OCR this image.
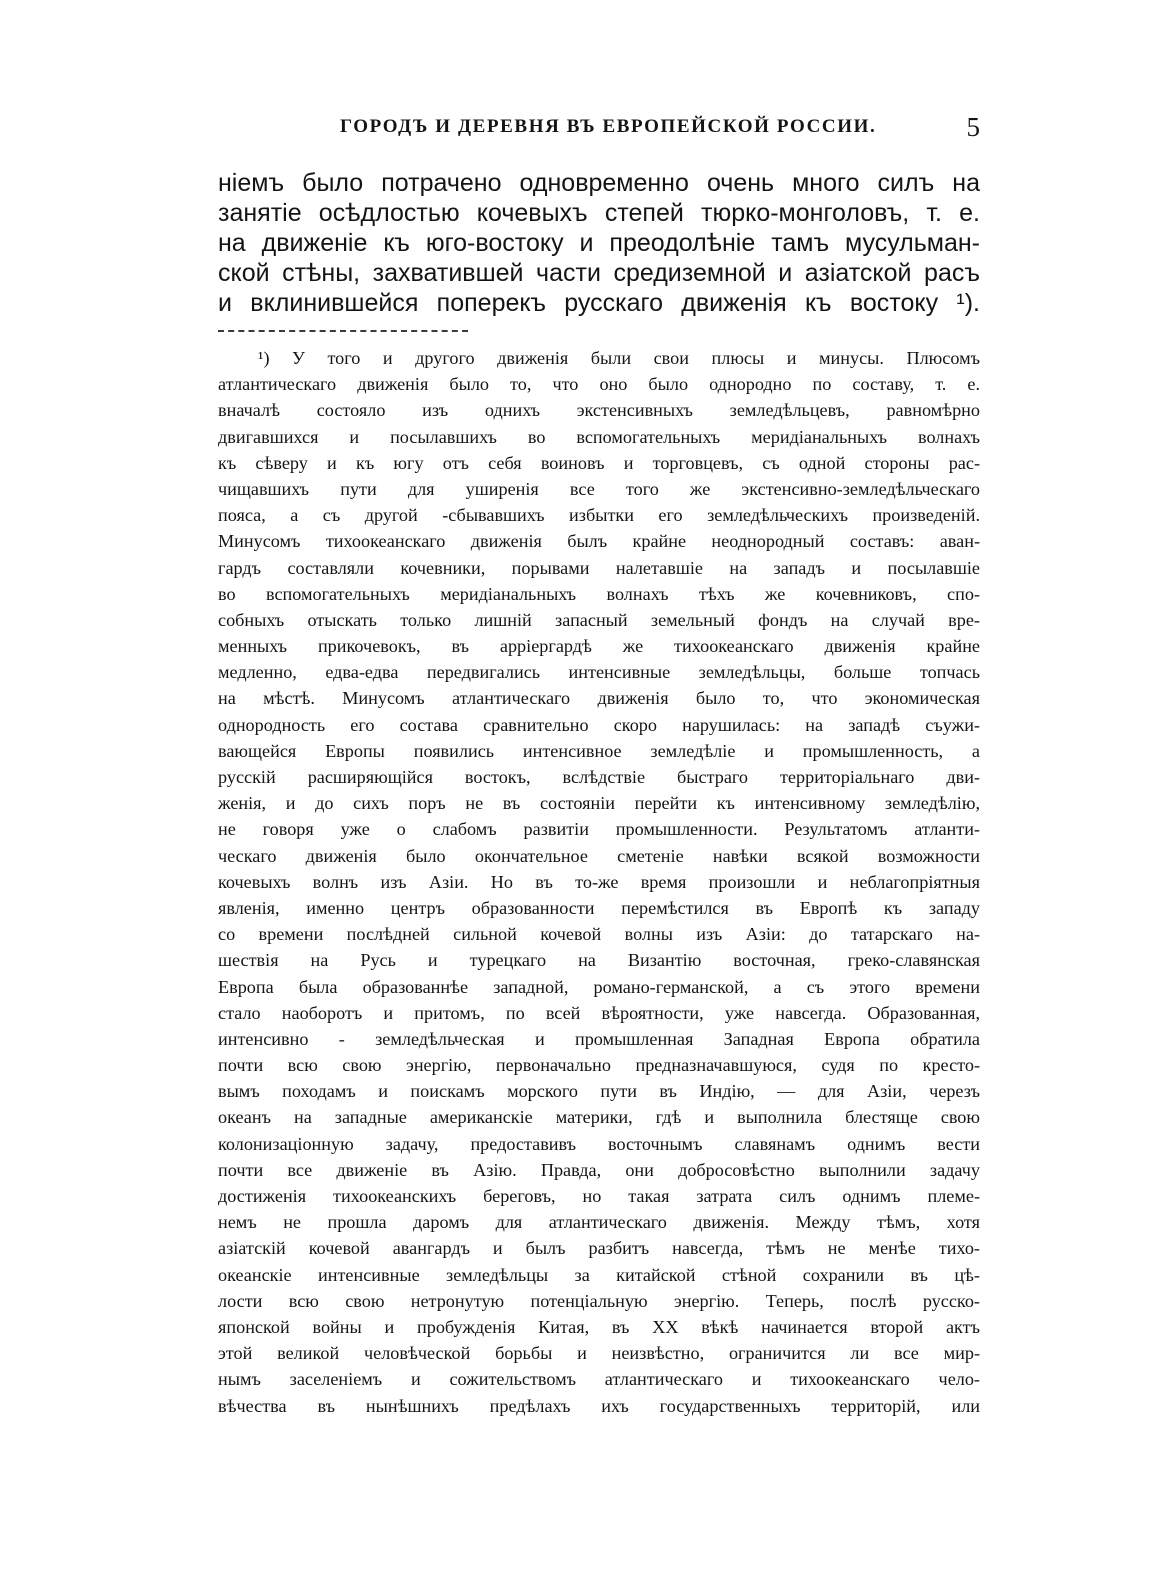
ГОРОДЪ И ДЕРЕВНЯ ВЪ ЕВРОПЕЙСКОЙ РОССИИ.	5
ніемъ было потрачено одновременно очень много силъ на
занятіе осѣдлостью кочевыхъ степей тюрко-монголовъ, т. е.
на движеніе къ юго-востоку и преодолѣніе тамъ мусульман-
ской стѣны, захватившей части средиземной и азіатской расъ
и вклинившейся поперекъ русскаго движенія къ востоку ¹).
¹) У того и другого движенія были свои плюсы и минусы. Плюсомъ
атлантическаго движенія было то, что оно было однородно по составу, т. е.
вначалѣ состояло изъ однихъ экстенсивныхъ земледѣльцевъ, равномѣрно
двигавшихся и посылавшихъ во вспомогательныхъ меридіанальныхъ волнахъ
къ сѣверу и къ югу отъ себя воиновъ и торговцевъ, съ одной стороны рас-
чищавшихъ пути для уширенія все того же экстенсивно-земледѣльческаго
пояса, а съ другой -сбывавшихъ избытки его земледѣльческихъ произведеній.
Минусомъ тихоокеанскаго движенія былъ крайне неоднородный составъ: аван-
гардъ составляли кочевники, порывами налетавшіе на западъ и посылавшіе
во вспомогательныхъ меридіанальныхъ волнахъ тѣхъ же кочевниковъ, спо-
собныхъ отыскать только лишній запасный земельный фондъ на случай вре-
менныхъ прикочевокъ, въ арріергардѣ же тихоокеанскаго движенія крайне
медленно, едва-едва передвигались интенсивные земледѣльцы, больше топчась
на мѣстѣ. Минусомъ атлантическаго движенія было то, что экономическая
однородность его состава сравнительно скоро нарушилась: на западѣ съужи-
вающейся Европы появились интенсивное земледѣліе и промышленность, а
русскій расширяющійся востокъ, вслѣдствіе быстраго территоріальнаго дви-
женія, и до сихъ поръ не въ состояніи перейти къ интенсивному земледѣлію,
не говоря уже о слабомъ развитіи промышленности. Результатомъ атланти-
ческаго движенія было окончательное сметеніе навѣки всякой возможности
кочевыхъ волнъ изъ Азіи. Но въ то-же время произошли и неблагопріятныя
явленія, именно центръ образованности перемѣстился въ Европѣ къ западу
со времени послѣдней сильной кочевой волны изъ Азіи: до татарскаго на-
шествія на Русь и турецкаго на Византію восточная, греко-славянская
Европа была образованнѣе западной, романо-германской, а съ этого времени
стало наоборотъ и притомъ, по всей вѣроятности, уже навсегда. Образованная,
интенсивно - земледѣльческая и промышленная Западная Европа обратила
почти всю свою энергію, первоначально предназначавшуюся, судя по кресто-
вымъ походамъ и поискамъ морского пути въ Индію, — для Азіи, черезъ
океанъ на западные американскіе материки, гдѣ и выполнила блестяще свою
колонизаціонную задачу, предоставивъ восточнымъ славянамъ однимъ вести
почти все движеніе въ Азію. Правда, они добросовѣстно выполнили задачу
достиженія тихоокеанскихъ береговъ, но такая затрата силъ однимъ племе-
немъ не прошла даромъ для атлантическаго движенія. Между тѣмъ, хотя
азіатскій кочевой авангардъ и былъ разбитъ навсегда, тѣмъ не менѣе тихо-
океанскіе интенсивные земледѣльцы за китайской стѣной сохранили въ цѣ-
лости всю свою нетронутую потенціальную энергію. Теперь, послѣ русско-
японской войны и пробужденія Китая, въ XX вѣкѣ начинается второй актъ
этой великой человѣческой борьбы и неизвѣстно, ограничится ли все мир-
нымъ заселеніемъ и сожительствомъ атлантическаго и тихоокеанскаго чело-
вѣчества въ нынѣшнихъ предѣлахъ ихъ государственныхъ территорій, или
